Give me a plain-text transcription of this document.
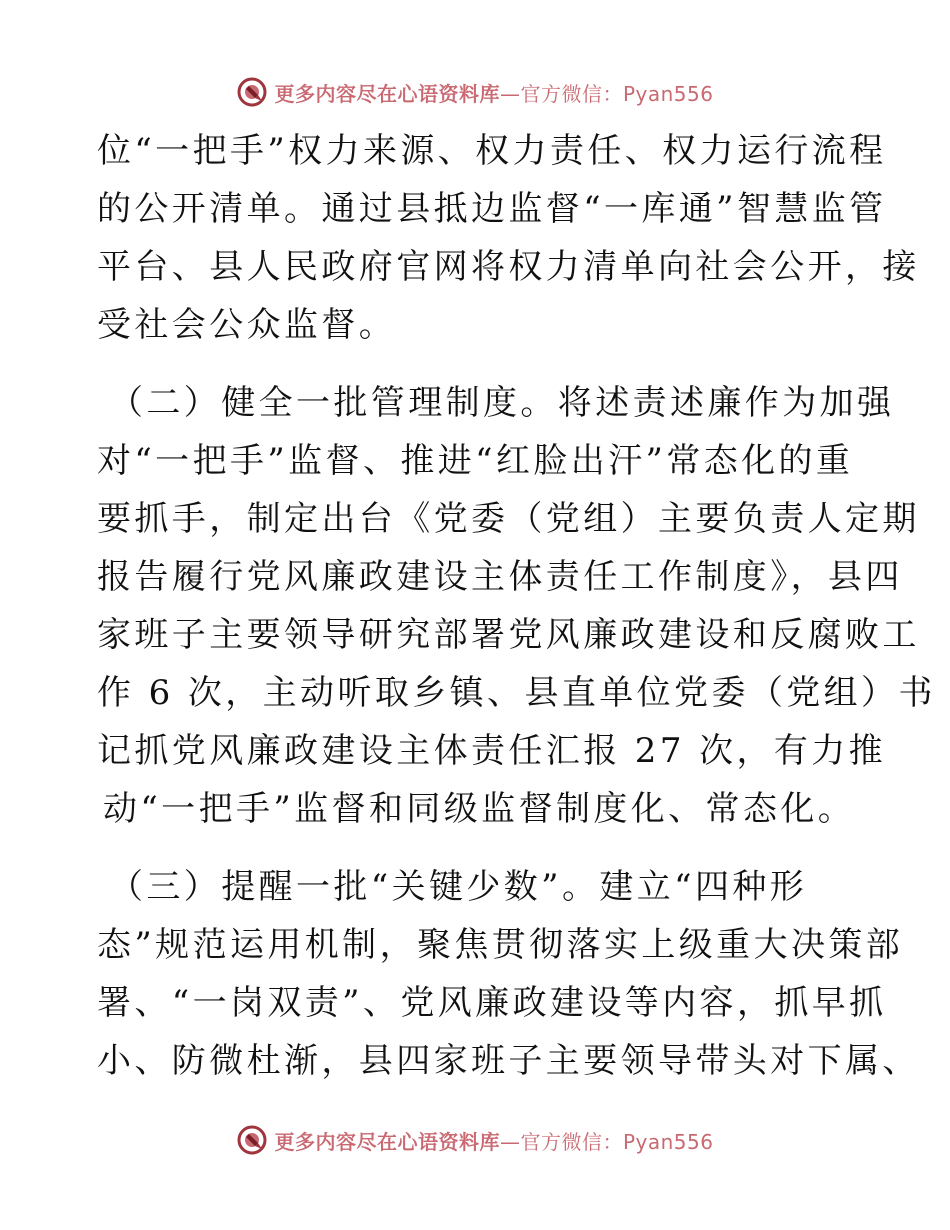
更多内容尽在心语资料库—官方微信：Pyan556
位“一把手”权力来源、权力责任、权力运行流程
的公开清单。通过县抵边监督“一库通”智慧监管
平台、县人民政府官网将权力清单向社会公开，接
受社会公众监督。
（二）健全一批管理制度。将述责述廉作为加强
对“一把手”监督、推进“红脸出汗”常态化的重
要抓手，制定出台《党委（党组）主要负责人定期
报告履行党风廉政建设主体责任工作制度》，县四
家班子主要领导研究部署党风廉政建设和反腐败工
作 6 次，主动听取乡镇、县直单位党委（党组）书
记抓党风廉政建设主体责任汇报 27 次，有力推
动“一把手”监督和同级监督制度化、常态化。
（三）提醒一批“关键少数”。建立“四种形
态”规范运用机制，聚焦贯彻落实上级重大决策部
署、“一岗双责”、党风廉政建设等内容，抓早抓
小、防微杜渐，县四家班子主要领导带头对下属、
更多内容尽在心语资料库—官方微信：Pyan556
